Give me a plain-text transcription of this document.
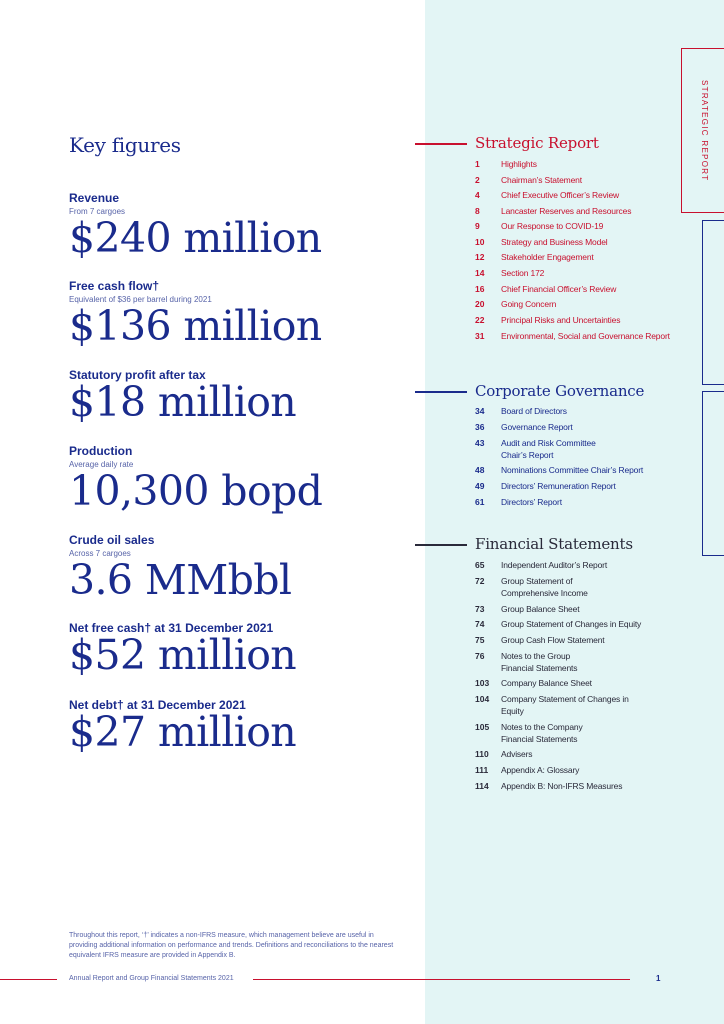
STRATEGIC REPORT
Key figures
Revenue
From 7 cargoes
$240 million
Free cash flow†
Equivalent of $36 per barrel during 2021
$136 million
Statutory profit after tax
$18 million
Production
Average daily rate
10,300 bopd
Crude oil sales
Across 7 cargoes
3.6 MMbbl
Net free cash† at 31 December 2021
$52 million
Net debt† at 31 December 2021
$27 million
Throughout this report, ‘†’ indicates a non-IFRS measure, which management believe are useful in providing additional information on performance and trends. Definitions and reconciliations to the nearest equivalent IFRS measure are provided in Appendix B.
Annual Report and Group Financial Statements 2021	1
Strategic Report
1	Highlights
2	Chairman’s Statement
4	Chief Executive Officer’s Review
8	Lancaster Reserves and Resources
9	Our Response to COVID-19
10	Strategy and Business Model
12	Stakeholder Engagement
14	Section 172
16	Chief Financial Officer’s Review
20	Going Concern
22	Principal Risks and Uncertainties
31	Environmental, Social and Governance Report
Corporate Governance
34	Board of Directors
36	Governance Report
43	Audit and Risk Committee Chair’s Report
48	Nominations Committee Chair’s Report
49	Directors’ Remuneration Report
61	Directors’ Report
Financial Statements
65	Independent Auditor’s Report
72	Group Statement of Comprehensive Income
73	Group Balance Sheet
74	Group Statement of Changes in Equity
75	Group Cash Flow Statement
76	Notes to the Group Financial Statements
103	Company Balance Sheet
104	Company Statement of Changes in Equity
105	Notes to the Company Financial Statements
110	Advisers
111	Appendix A: Glossary
114	Appendix B: Non-IFRS Measures
